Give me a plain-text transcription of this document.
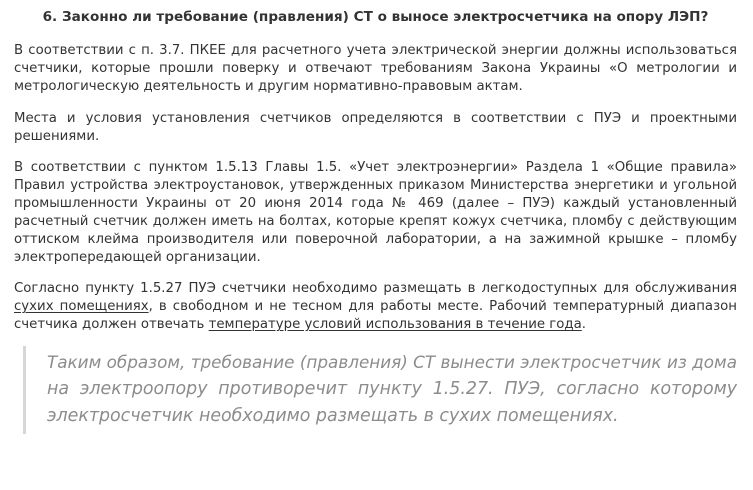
6. Законно ли требование (правления) СТ о выносе электросчетчика на опору ЛЭП?

В соответствии с п. 3.7. ПКЕЕ для расчетного учета электрической энергии должны использоваться
счетчики, которые прошли поверку и отвечают требованиям Закона Украины «О метрологии и
метрологическую деятельность и другим нормативно-правовым актам.

Места и условия установления счетчиков определяются в соответствии с ПУЭ и проектными
решениями.

В соответствии с пунктом 1.5.13 Главы 1.5. «Учет электроэнергии» Раздела 1 «Общие правила»
Правил устройства электроустановок, утвержденных приказом Министерства энергетики и угольной
промышленности Украины от 20 июня 2014 года № 469 (далее – ПУЭ) каждый установленный
расчетный счетчик должен иметь на болтах, которые крепят кожух счетчика, пломбу с действующим
оттиском клейма производителя или поверочной лаборатории, а на зажимной крышке – пломбу
электропередающей организации.

Согласно пункту 1.5.27 ПУЭ счетчики необходимо размещать в легкодоступных для обслуживания
сухих помещениях, в свободном и не тесном для работы месте. Рабочий температурный диапазон
счетчика должен отвечать температуре условий использования в течение года.

Таким образом, требование (правления) СТ вынести электросчетчик из дома
на электроопору противоречит пункту 1.5.27. ПУЭ, согласно которому
электросчетчик необходимо размещать в сухих помещениях.
